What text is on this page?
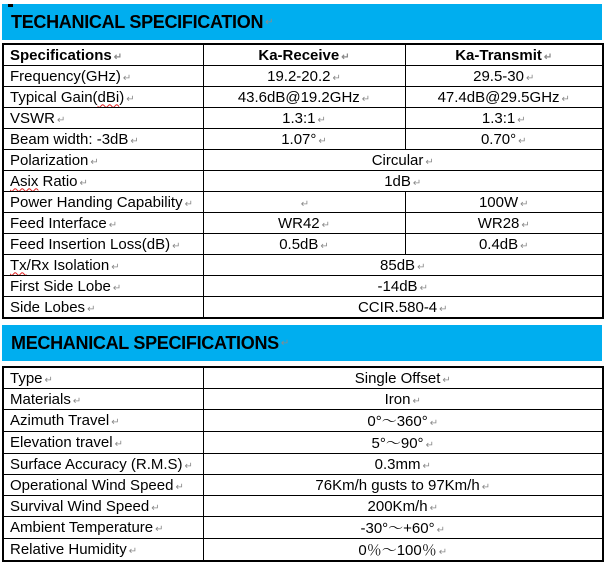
TECHANICAL SPECIFICATION ↵
Specifications ↵	Ka-Receive ↵	Ka-Transmit ↵
Frequency(GHz) ↵	19.2-20.2 ↵	29.5-30 ↵
Typical Gain(dBi) ↵	43.6dB@19.2GHz ↵	47.4dB@29.5GHz ↵
VSWR ↵	1.3:1 ↵	1.3:1 ↵
Beam width: -3dB ↵	1.07° ↵	0.70° ↵
Polarization ↵	Circular ↵	
Asix Ratio ↵	1dB ↵	
Power Handing Capability ↵	↵	100W ↵
Feed Interface ↵	WR42 ↵	WR28 ↵
Feed Insertion Loss(dB) ↵	0.5dB ↵	0.4dB ↵
Tx/Rx Isolation ↵	85dB ↵	
First Side Lobe ↵	-14dB ↵	
Side Lobes ↵	CCIR.580-4 ↵	
MECHANICAL SPECIFICATIONS ↵
Type ↵	Single Offset ↵
Materials ↵	Iron ↵
Azimuth Travel ↵	0°～360° ↵
Elevation travel ↵	5°～90° ↵
Surface Accuracy (R.M.S) ↵	0.3mm ↵
Operational Wind Speed ↵	76Km/h gusts to 97Km/h ↵
Survival Wind Speed ↵	200Km/h ↵
Ambient Temperature ↵	-30°～+60° ↵
Relative Humidity ↵	0％～100％ ↵
